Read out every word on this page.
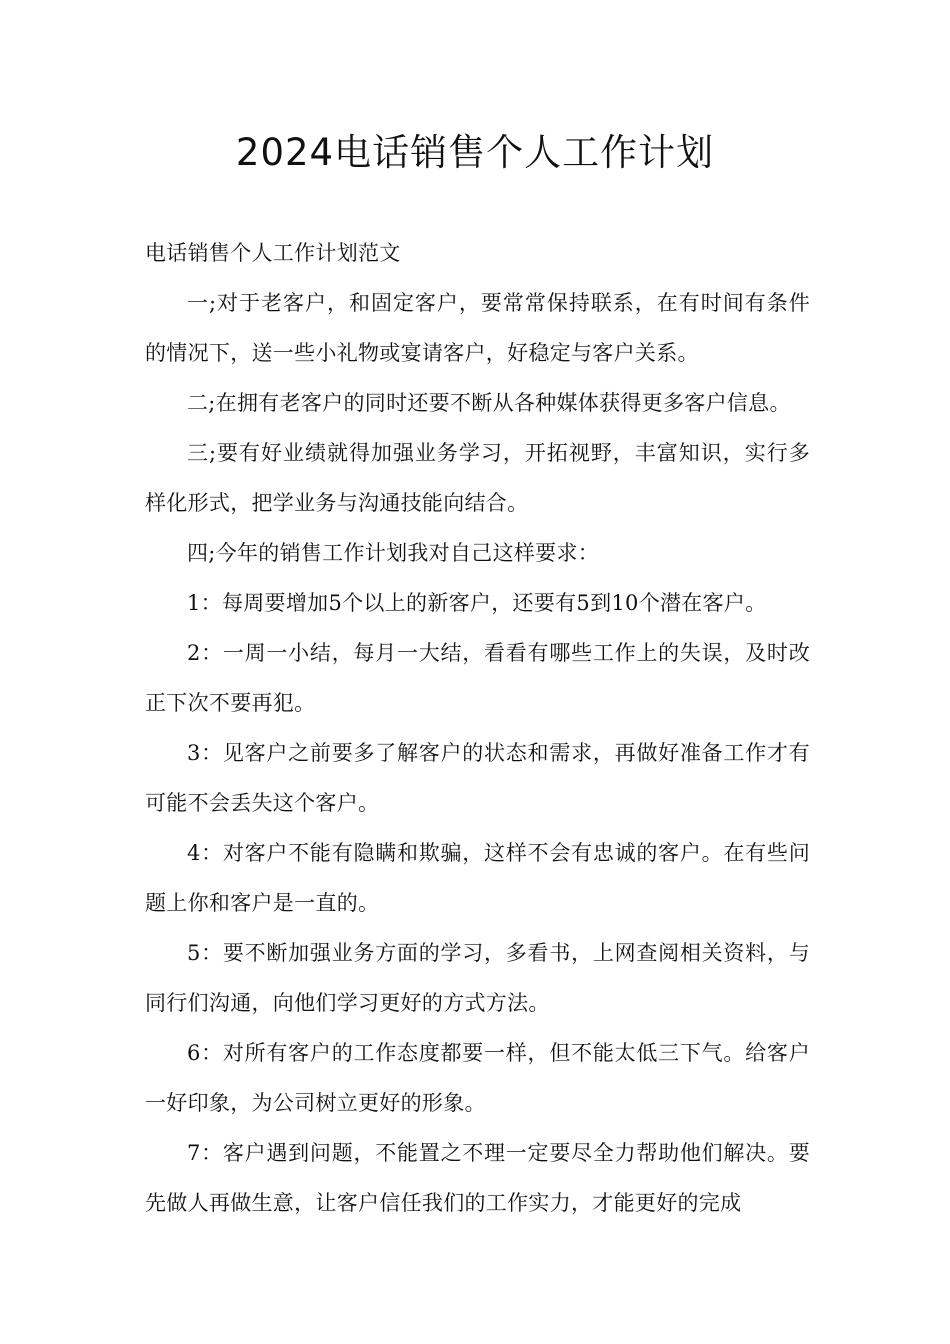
2024电话销售个人工作计划

电话销售个人工作计划范文

一;对于老客户，和固定客户，要常常保持联系，在有时间有条件的情况下，送一些小礼物或宴请客户，好稳定与客户关系。

二;在拥有老客户的同时还要不断从各种媒体获得更多客户信息。

三;要有好业绩就得加强业务学习，开拓视野，丰富知识，实行多样化形式，把学业务与沟通技能向结合。

四;今年的销售工作计划我对自己这样要求：

1：每周要增加5个以上的新客户，还要有5到10个潜在客户。

2：一周一小结，每月一大结，看看有哪些工作上的失误，及时改正下次不要再犯。

3：见客户之前要多了解客户的状态和需求，再做好准备工作才有可能不会丢失这个客户。

4：对客户不能有隐瞒和欺骗，这样不会有忠诚的客户。在有些问题上你和客户是一直的。

5：要不断加强业务方面的学习，多看书，上网查阅相关资料，与同行们沟通，向他们学习更好的方式方法。

6：对所有客户的工作态度都要一样，但不能太低三下气。给客户一好印象，为公司树立更好的形象。

7：客户遇到问题，不能置之不理一定要尽全力帮助他们解决。要先做人再做生意，让客户信任我们的工作实力，才能更好的完成
